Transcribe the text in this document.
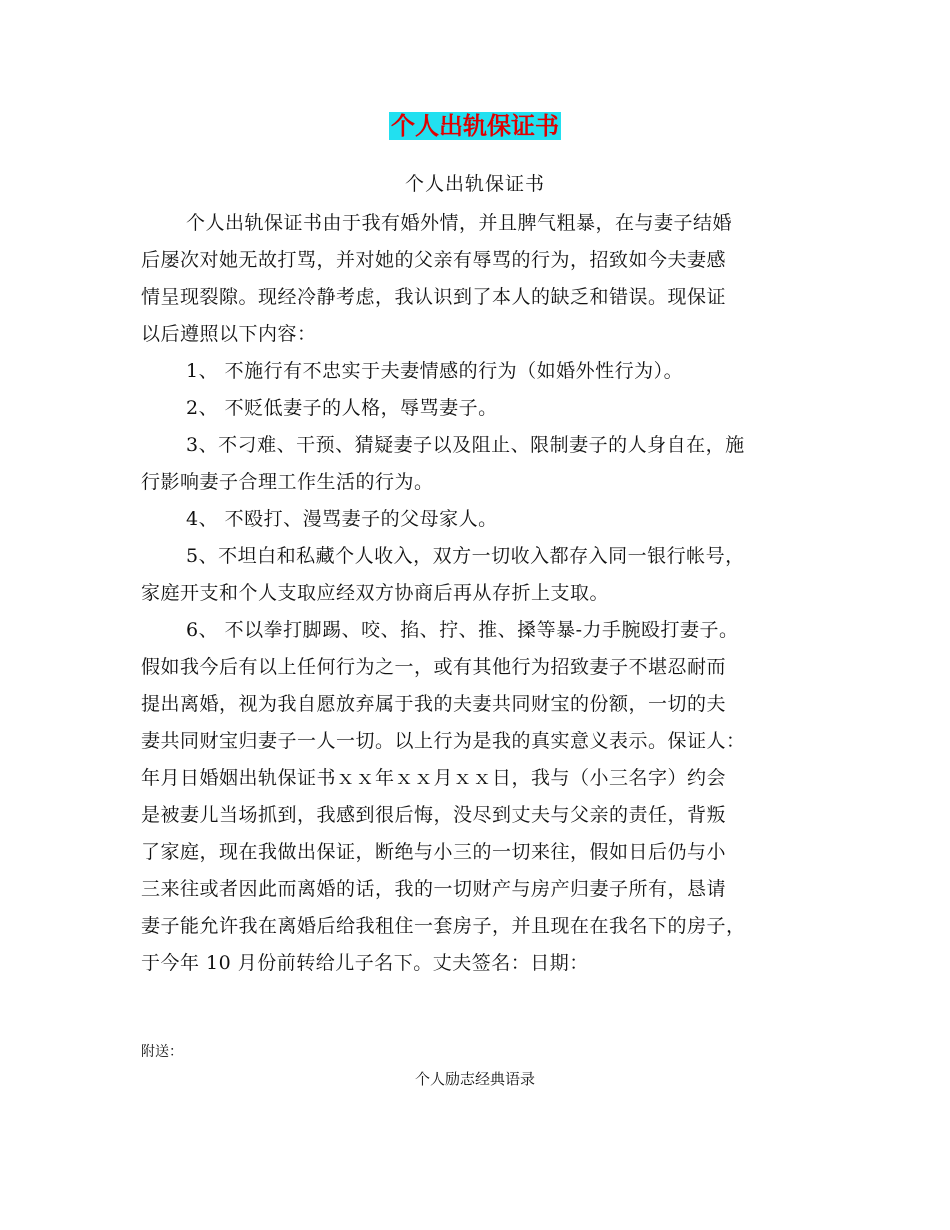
个人出轨保证书
个人出轨保证书
个人出轨保证书由于我有婚外情，并且脾气粗暴，在与妻子结婚
后屡次对她无故打骂，并对她的父亲有辱骂的行为，招致如今夫妻感
情呈现裂隙。现经冷静考虑，我认识到了本人的缺乏和错误。现保证
以后遵照以下内容：
1、 不施行有不忠实于夫妻情感的行为（如婚外性行为）。
2、 不贬低妻子的人格，辱骂妻子。
3、不刁难、干预、猜疑妻子以及阻止、限制妻子的人身自在，施
行影响妻子合理工作生活的行为。
4、 不殴打、漫骂妻子的父母家人。
5、不坦白和私藏个人收入，双方一切收入都存入同一银行帐号，
家庭开支和个人支取应经双方协商后再从存折上支取。
6、 不以拳打脚踢、咬、掐、拧、推、搡等暴-力手腕殴打妻子。
假如我今后有以上任何行为之一，或有其他行为招致妻子不堪忍耐而
提出离婚，视为我自愿放弃属于我的夫妻共同财宝的份额，一切的夫
妻共同财宝归妻子一人一切。以上行为是我的真实意义表示。保证人：
年月日婚姻出轨保证书ｘｘ年ｘｘ月ｘｘ日，我与（小三名字）约会
是被妻儿当场抓到，我感到很后悔，没尽到丈夫与父亲的责任，背叛
了家庭，现在我做出保证，断绝与小三的一切来往，假如日后仍与小
三来往或者因此而离婚的话，我的一切财产与房产归妻子所有，恳请
妻子能允许我在离婚后给我租住一套房子，并且现在在我名下的房子，
于今年 10 月份前转给儿子名下。丈夫签名：日期：
附送：
个人励志经典语录
